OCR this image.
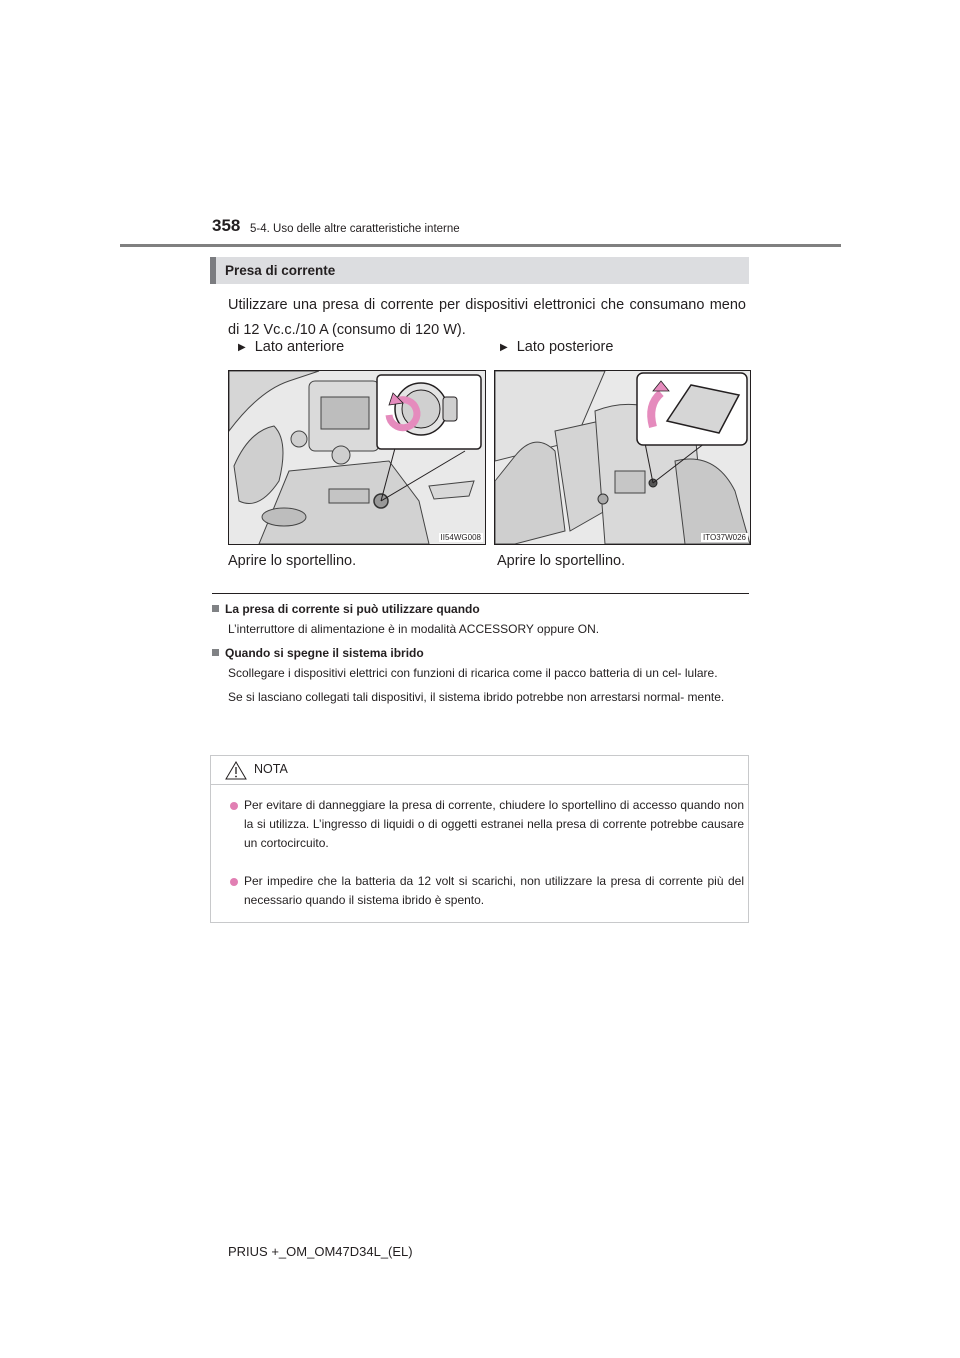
358 5-4. Uso delle altre caratteristiche interne
Presa di corrente
Utilizzare una presa di corrente per dispositivi elettronici che consumano meno di 12 Vc.c./10 A (consumo di 120 W).
▶ Lato anteriore	▶ Lato posteriore
II54WG008	ITO37W026
Aprire lo sportellino.	Aprire lo sportellino.
La presa di corrente si può utilizzare quando
L’interruttore di alimentazione è in modalità ACCESSORY oppure ON.
Quando si spegne il sistema ibrido
Scollegare i dispositivi elettrici con funzioni di ricarica come il pacco batteria di un cel- lulare.
Se si lasciano collegati tali dispositivi, il sistema ibrido potrebbe non arrestarsi normal- mente.
NOTA
Per evitare di danneggiare la presa di corrente, chiudere lo sportellino di accesso quando non la si utilizza. L’ingresso di liquidi o di oggetti estranei nella presa di corrente potrebbe causare un cortocircuito.
Per impedire che la batteria da 12 volt si scarichi, non utilizzare la presa di corrente più del necessario quando il sistema ibrido è spento.
PRIUS +_OM_OM47D34L_(EL)
